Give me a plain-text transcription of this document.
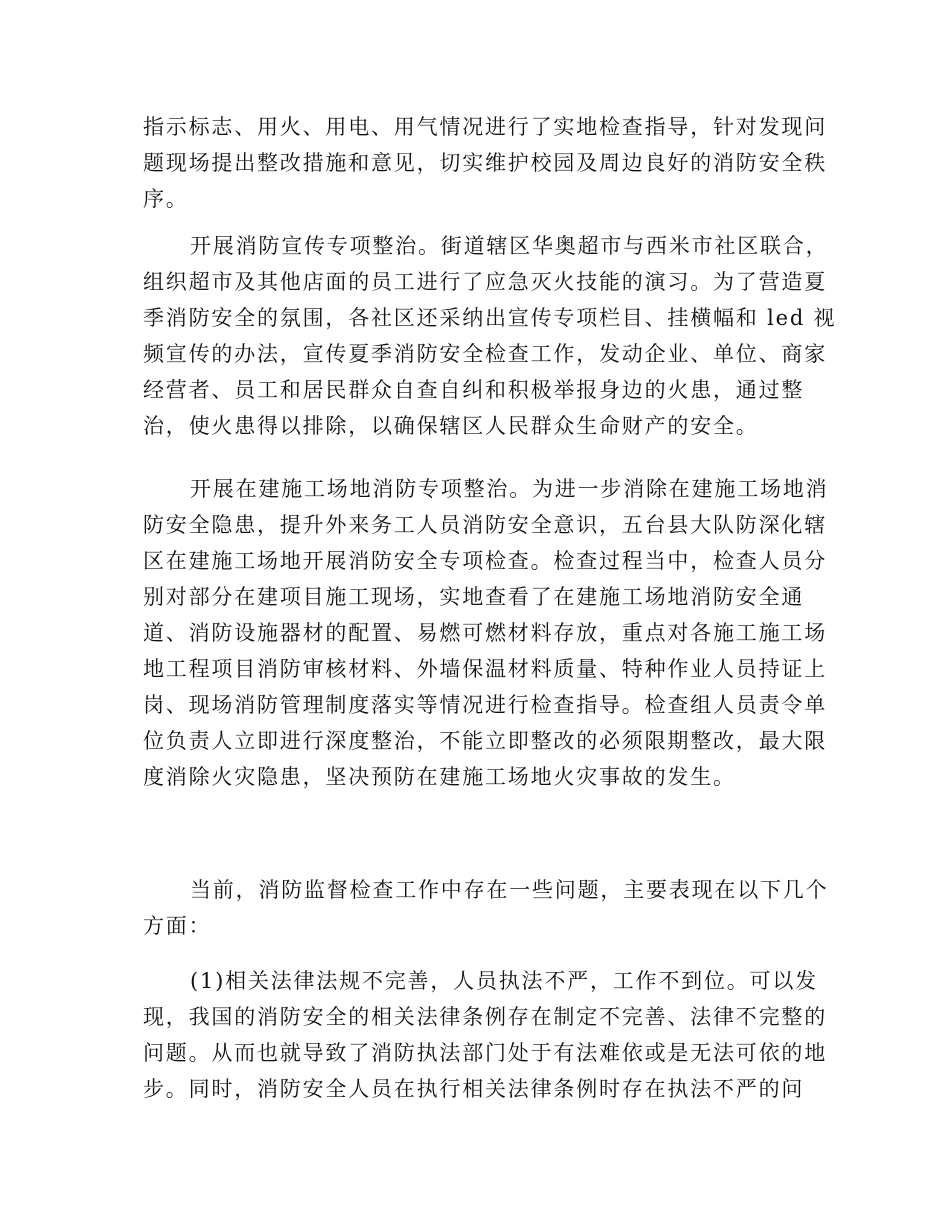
指示标志、用火、用电、用气情况进行了实地检查指导，针对发现问
题现场提出整改措施和意见，切实维护校园及周边良好的消防安全秩
序。
开展消防宣传专项整治。街道辖区华奥超市与西米市社区联合，
组织超市及其他店面的员工进行了应急灭火技能的演习。为了营造夏
季消防安全的氛围，各社区还采纳出宣传专项栏目、挂横幅和 led 视
频宣传的办法，宣传夏季消防安全检查工作，发动企业、单位、商家
经营者、员工和居民群众自查自纠和积极举报身边的火患，通过整
治，使火患得以排除，以确保辖区人民群众生命财产的安全。
开展在建施工场地消防专项整治。为进一步消除在建施工场地消
防安全隐患，提升外来务工人员消防安全意识，五台县大队防深化辖
区在建施工场地开展消防安全专项检查。检查过程当中，检查人员分
别对部分在建项目施工现场，实地查看了在建施工场地消防安全通
道、消防设施器材的配置、易燃可燃材料存放，重点对各施工施工场
地工程项目消防审核材料、外墙保温材料质量、特种作业人员持证上
岗、现场消防管理制度落实等情况进行检查指导。检查组人员责令单
位负责人立即进行深度整治，不能立即整改的必须限期整改，最大限
度消除火灾隐患，坚决预防在建施工场地火灾事故的发生。
当前，消防监督检查工作中存在一些问题，主要表现在以下几个
方面：
(1)相关法律法规不完善，人员执法不严，工作不到位。可以发
现，我国的消防安全的相关法律条例存在制定不完善、法律不完整的
问题。从而也就导致了消防执法部门处于有法难依或是无法可依的地
步。同时，消防安全人员在执行相关法律条例时存在执法不严的问
